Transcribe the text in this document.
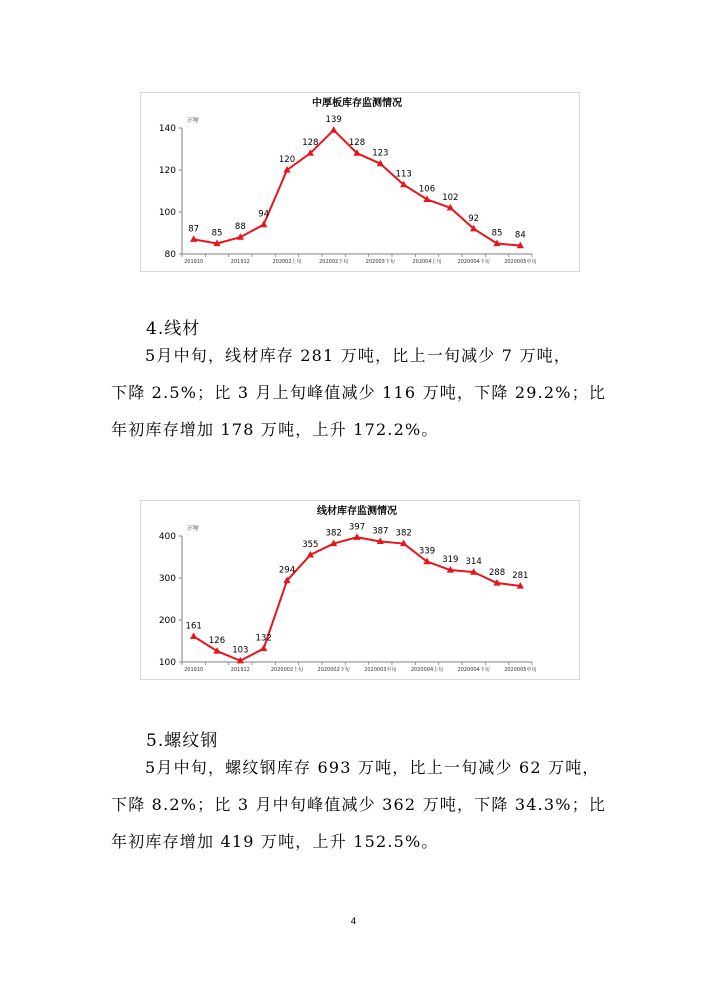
中厚板库存监测情况
万吨
80
100
120
140
201910	201912	202002上旬	202002下旬	202003下旬	202004上旬	2020004下旬	2020005中旬
87 85
88
94
120
128
139
128
123
113
106
102
92
85 84
4.线材
5月中旬，线材库存 281 万吨，比上一旬减少 7 万吨，
下降 2.5%；比 3 月上旬峰值减少 116 万吨，下降 29.2%；比
年初库存增加 178 万吨，上升 172.2%。
线材库存监测情况
万吨
100
200
300
400
201910	201912	2020002上旬	2020002下旬	2020003中旬	2020004上旬	2020004下旬	2020005中旬
161
126
103
132
294
355
382
397 387 382
339
319 314
288 281
5.螺纹钢
5月中旬，螺纹钢库存 693 万吨，比上一旬减少 62 万吨，
下降 8.2%；比 3 月中旬峰值减少 362 万吨，下降 34.3%；比
年初库存增加 419 万吨，上升 152.5%。
4
